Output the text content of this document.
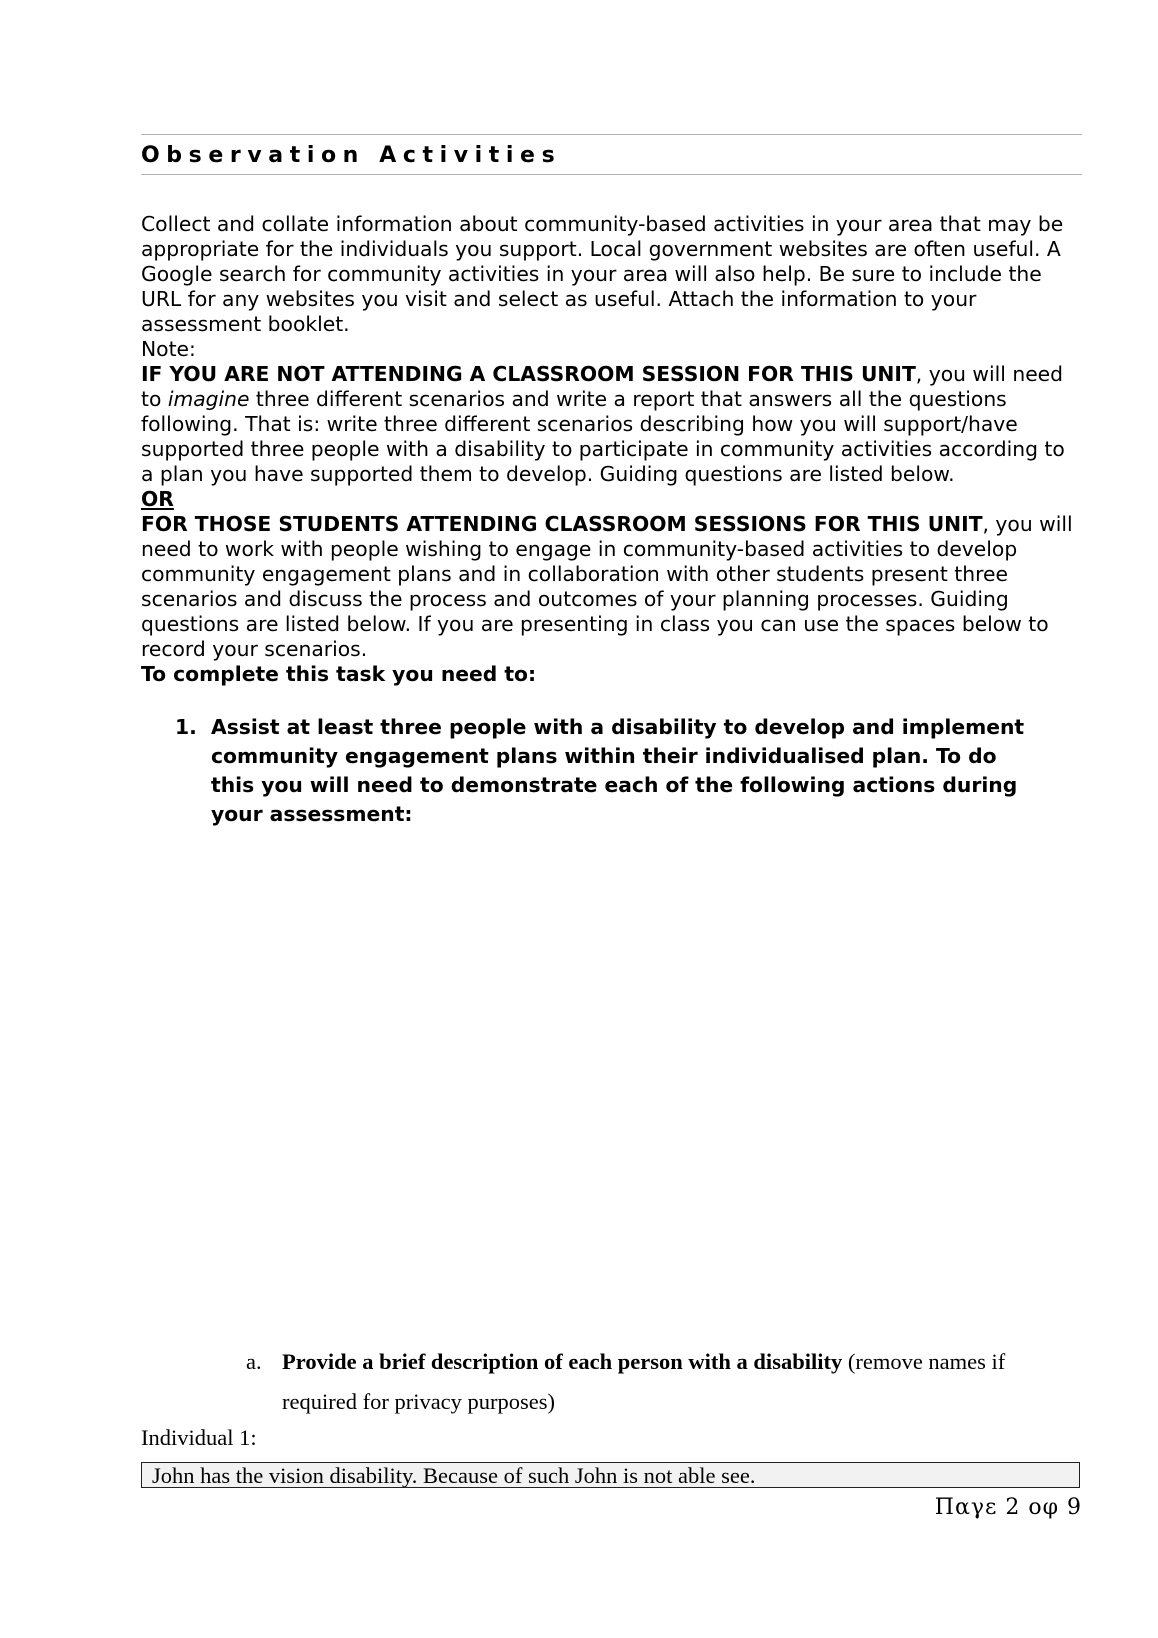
Observation Activities

Collect and collate information about community-based activities in your area that may be appropriate for the individuals you support. Local government websites are often useful. A Google search for community activities in your area will also help. Be sure to include the URL for any websites you visit and select as useful. Attach the information to your assessment booklet.

Note:

IF YOU ARE NOT ATTENDING A CLASSROOM SESSION FOR THIS UNIT, you will need to imagine three different scenarios and write a report that answers all the questions following. That is: write three different scenarios describing how you will support/have supported three people with a disability to participate in community activities according to a plan you have supported them to develop. Guiding questions are listed below.

OR

FOR THOSE STUDENTS ATTENDING CLASSROOM SESSIONS FOR THIS UNIT, you will need to work with people wishing to engage in community-based activities to develop community engagement plans and in collaboration with other students present three scenarios and discuss the process and outcomes of your planning processes. Guiding questions are listed below. If you are presenting in class you can use the spaces below to record your scenarios.

To complete this task you need to:

1. Assist at least three people with a disability to develop and implement
community engagement plans within their individualised plan. To do
this you will need to demonstrate each of the following actions during
your assessment:
a. Provide a brief description of each person with a disability (remove names if
required for privacy purposes)
Individual 1:
John has the vision disability. Because of such John is not able see.
Παγε 2 οφ 9
